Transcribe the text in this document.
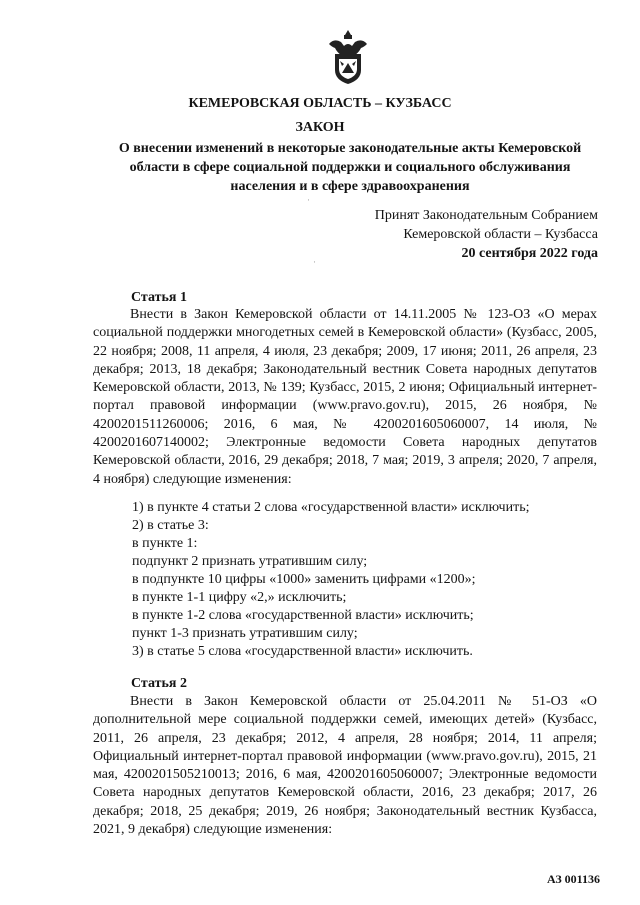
КЕМЕРОВСКАЯ ОБЛАСТЬ – КУЗБАСС
ЗАКОН
О внесении изменений в некоторые законодательные акты Кемеровской области в сфере социальной поддержки и социального обслуживания населения и в сфере здравоохранения
Принят Законодательным Собранием
Кемеровской области – Кузбасса
20 сентября 2022 года
·
·
Статья 1
Внести в Закон Кемеровской области от 14.11.2005 № 123-ОЗ «О мерах социальной поддержки многодетных семей в Кемеровской области» (Кузбасс, 2005, 22 ноября; 2008, 11 апреля, 4 июля, 23 декабря; 2009, 17 июня; 2011, 26 апреля, 23 декабря; 2013, 18 декабря; Законодательный вестник Совета народных депутатов Кемеровской области, 2013, № 139; Кузбасс, 2015, 2 июня; Официальный интернет-портал правовой информации (www.pravo.gov.ru), 2015, 26 ноября, № 4200201511260006; 2016, 6 мая, № 4200201605060007, 14 июля, № 4200201607140002; Электронные ведомости Совета народных депутатов Кемеровской области, 2016, 29 декабря; 2018, 7 мая; 2019, 3 апреля; 2020, 7 апреля, 4 ноября) следующие изменения:
1) в пункте 4 статьи 2 слова «государственной власти» исключить;
2) в статье 3:
в пункте 1:
подпункт 2 признать утратившим силу;
в подпункте 10 цифры «1000» заменить цифрами «1200»;
в пункте 1-1 цифру «2,» исключить;
в пункте 1-2 слова «государственной власти» исключить;
пункт 1-3 признать утратившим силу;
3) в статье 5 слова «государственной власти» исключить.
Статья 2
Внести в Закон Кемеровской области от 25.04.2011 № 51-ОЗ «О дополнительной мере социальной поддержки семей, имеющих детей» (Кузбасс, 2011, 26 апреля, 23 декабря; 2012, 4 апреля, 28 ноября; 2014, 11 апреля; Официальный интернет-портал правовой информации (www.pravo.gov.ru), 2015, 21 мая, 4200201505210013; 2016, 6 мая, 4200201605060007; Электронные ведомости Совета народных депутатов Кемеровской области, 2016, 23 декабря; 2017, 26 декабря; 2018, 25 декабря; 2019, 26 ноября; Законодательный вестник Кузбасса, 2021, 9 декабря) следующие изменения:
АЗ 001136
